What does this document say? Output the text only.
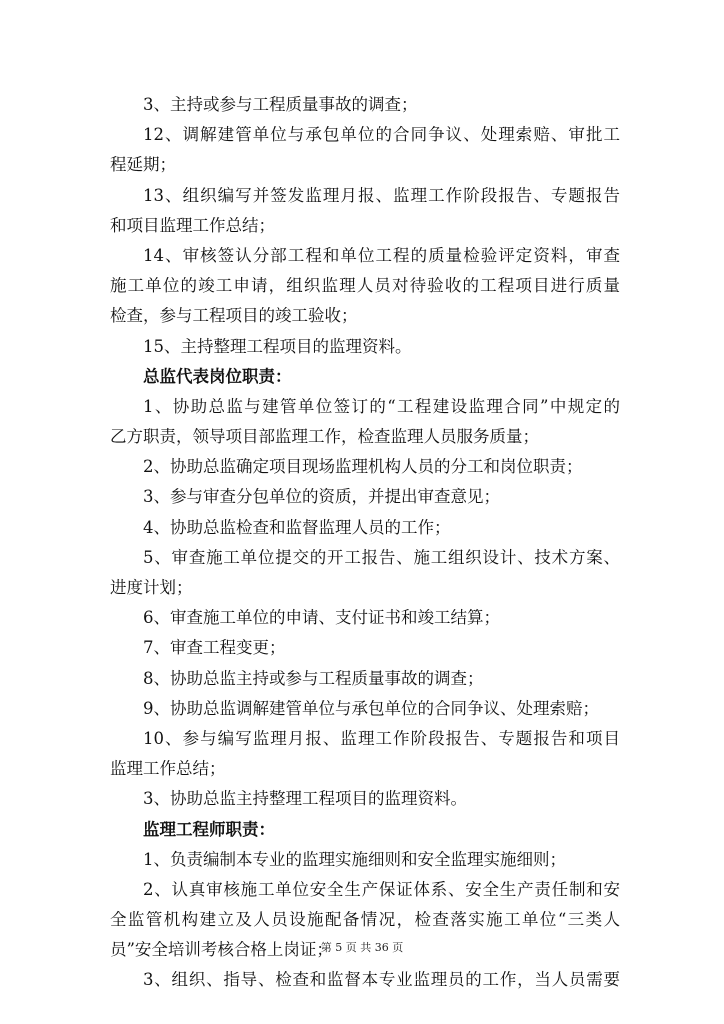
3、主持或参与工程质量事故的调查；
12、调解建管单位与承包单位的合同争议、处理索赔、审批工
程延期；
13、组织编写并签发监理月报、监理工作阶段报告、专题报告
和项目监理工作总结；
14、审核签认分部工程和单位工程的质量检验评定资料，审查
施工单位的竣工申请，组织监理人员对待验收的工程项目进行质量
检查，参与工程项目的竣工验收；
15、主持整理工程项目的监理资料。
总监代表岗位职责：
1、协助总监与建管单位签订的“工程建设监理合同”中规定的
乙方职责，领导项目部监理工作，检查监理人员服务质量；
2、协助总监确定项目现场监理机构人员的分工和岗位职责；
3、参与审查分包单位的资质，并提出审查意见；
4、协助总监检查和监督监理人员的工作；
5、审查施工单位提交的开工报告、施工组织设计、技术方案、
进度计划；
6、审查施工单位的申请、支付证书和竣工结算；
7、审查工程变更；
8、协助总监主持或参与工程质量事故的调查；
9、协助总监调解建管单位与承包单位的合同争议、处理索赔；
10、参与编写监理月报、监理工作阶段报告、专题报告和项目
监理工作总结；
3、协助总监主持整理工程项目的监理资料。
监理工程师职责：
1、负责编制本专业的监理实施细则和安全监理实施细则；
2、认真审核施工单位安全生产保证体系、安全生产责任制和安
全监管机构建立及人员设施配备情况，检查落实施工单位“三类人
员”安全培训考核合格上岗证；
3、组织、指导、检查和监督本专业监理员的工作，当人员需要
第 5 页 共 36 页
